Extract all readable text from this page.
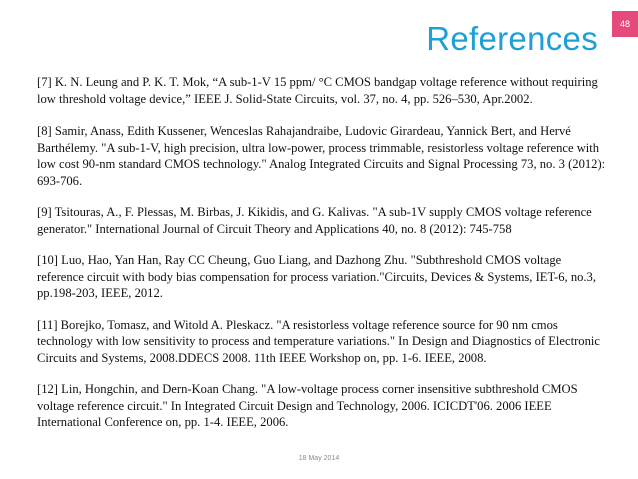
References	48

[7] K. N. Leung and P. K. T. Mok, “A sub-1-V 15 ppm/ °C CMOS bandgap voltage reference without requiring low threshold voltage device,” IEEE J. Solid-State Circuits, vol. 37, no. 4, pp. 526–530, Apr.2002.

[8] Samir, Anass, Edith Kussener, Wenceslas Rahajandraibe, Ludovic Girardeau, Yannick Bert, and Hervé Barthélemy. "A sub-1-V, high precision, ultra low-power, process trimmable, resistorless voltage reference with low cost 90-nm standard CMOS technology." Analog Integrated Circuits and Signal Processing 73, no. 3 (2012): 693-706.

[9] Tsitouras, A., F. Plessas, M. Birbas, J. Kikidis, and G. Kalivas. "A sub-1V supply CMOS voltage reference generator." International Journal of Circuit Theory and Applications 40, no. 8 (2012): 745-758

[10] Luo, Hao, Yan Han, Ray CC Cheung, Guo Liang, and Dazhong Zhu. "Subthreshold CMOS voltage reference circuit with body bias compensation for process variation."Circuits, Devices & Systems, IET-6, no.3, pp.198-203, IEEE, 2012.

[11] Borejko, Tomasz, and Witold A. Pleskacz. "A resistorless voltage reference source for 90 nm cmos technology with low sensitivity to process and temperature variations." In Design and Diagnostics of Electronic Circuits and Systems, 2008.DDECS 2008. 11th IEEE Workshop on, pp. 1-6. IEEE, 2008.

[12] Lin, Hongchin, and Dern-Koan Chang. "A low-voltage process corner insensitive subthreshold CMOS voltage reference circuit." In Integrated Circuit Design and Technology, 2006. ICICDT'06. 2006 IEEE International Conference on, pp. 1-4. IEEE, 2006.

18 May 2014
